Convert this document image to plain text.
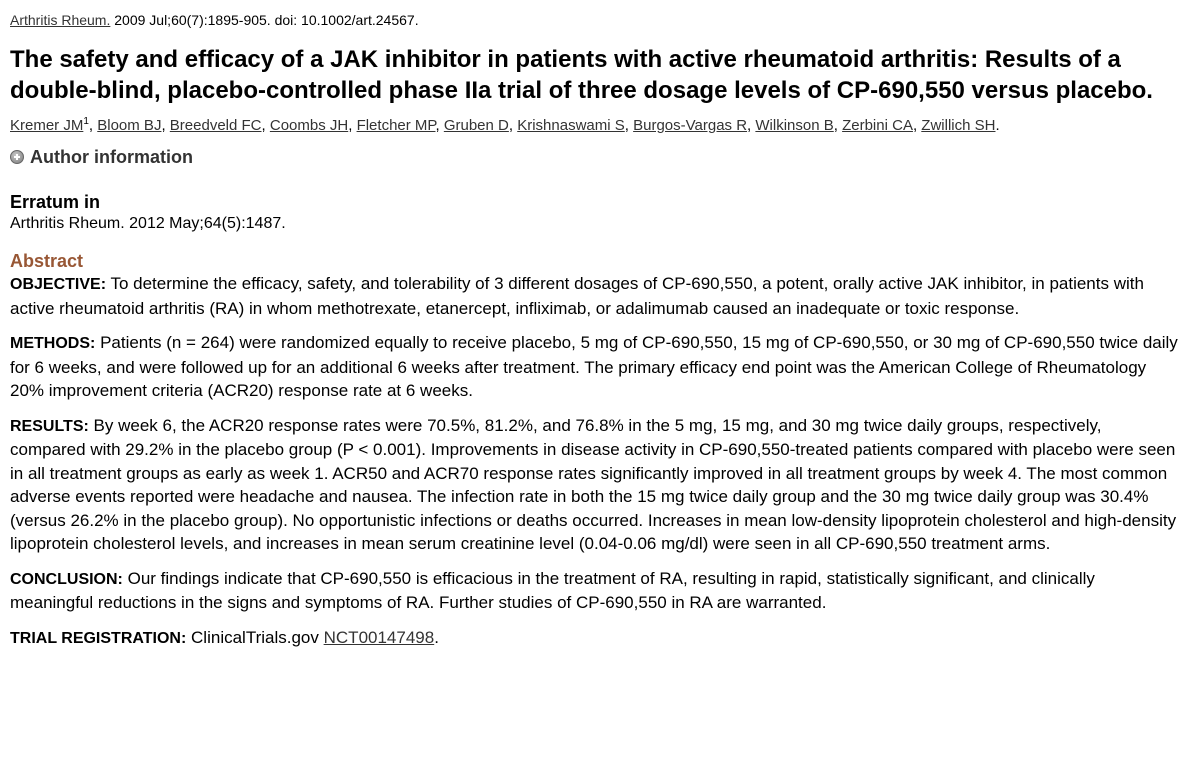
Arthritis Rheum. 2009 Jul;60(7):1895-905. doi: 10.1002/art.24567.

The safety and efficacy of a JAK inhibitor in patients with active rheumatoid arthritis: Results of a double-blind, placebo-controlled phase IIa trial of three dosage levels of CP-690,550 versus placebo.

Kremer $JM^1$, Bloom BJ, Breedveld FC, Coombs JH, Fletcher MP, Gruben D, Krishnaswami S, Burgos-Vargas R, Wilkinson B, Zerbini CA, Zwillich SH.

Author information
Erratum in

Arthritis Rheum. 2012 May;64(5):1487.

Abstract

OBJECTIVE: To determine the efficacy, safety, and tolerability of 3 different dosages of CP-690,550, a potent, orally active JAK inhibitor, in patients with active rheumatoid arthritis (RA) in whom methotrexate, etanercept, infliximab, or adalimumab caused an inadequate or toxic response.

METHODS: Patients (n = 264) were randomized equally to receive placebo, 5 mg of CP-690,550, 15 mg of CP-690,550, or 30 mg of CP-690,550 twice daily for 6 weeks, and were followed up for an additional 6 weeks after treatment. The primary efficacy end point was the American College of Rheumatology 20% improvement criteria (ACR20) response rate at 6 weeks.

RESULTS: By week 6, the ACR20 response rates were 70.5%, 81.2%, and 76.8% in the 5 mg, 15 mg, and 30 mg twice daily groups, respectively, compared with 29.2% in the placebo group (P < 0.001). Improvements in disease activity in CP-690,550-treated patients compared with placebo were seen in all treatment groups as early as week 1. ACR50 and ACR70 response rates significantly improved in all treatment groups by week 4. The most common adverse events reported were headache and nausea. The infection rate in both the 15 mg twice daily group and the 30 mg twice daily group was 30.4% (versus 26.2% in the placebo group). No opportunistic infections or deaths occurred. Increases in mean low-density lipoprotein cholesterol and high-density lipoprotein cholesterol levels, and increases in mean serum creatinine level (0.04-0.06 mg/dl) were seen in all CP-690,550 treatment arms.

CONCLUSION: Our findings indicate that CP-690,550 is efficacious in the treatment of RA, resulting in rapid, statistically significant, and clinically meaningful reductions in the signs and symptoms of RA. Further studies of CP-690,550 in RA are warranted.

TRIAL REGISTRATION: ClinicalTrials.gov NCT00147498.
